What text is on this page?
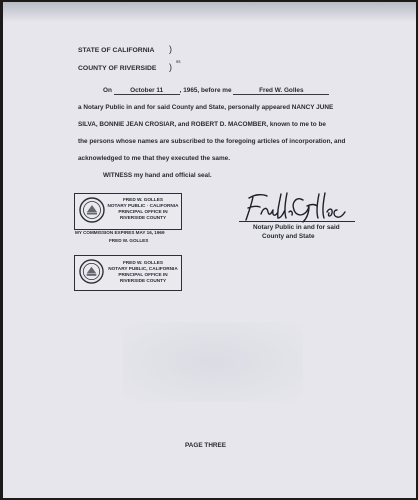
STATE OF CALIFORNIA )
COUNTY OF RIVERSIDE )
ss
On	October 11	, 1965, before me	Fred W. Golles
a Notary Public in and for said County and State, personally appeared NANCY JUNE
SILVA, BONNIE JEAN CROSIAR, and ROBERT D. MACOMBER, known to me to be
the persons whose names are subscribed to the foregoing articles of incorporation, and
acknowledged to me that they executed the same.
WITNESS my hand and official seal.
FRED W. GOLLES
NOTARY PUBLIC · CALIFORNIA
PRINCIPAL OFFICE IN
RIVERSIDE COUNTY
MY COMMISSION EXPIRES MAY 16, 1969
FRED W. GOLLES
Notary Public in and for said
County and State
FRED W. GOLLES
NOTARY PUBLIC, CALIFORNIA
PRINCIPAL OFFICE IN
RIVERSIDE COUNTY
PAGE THREE
